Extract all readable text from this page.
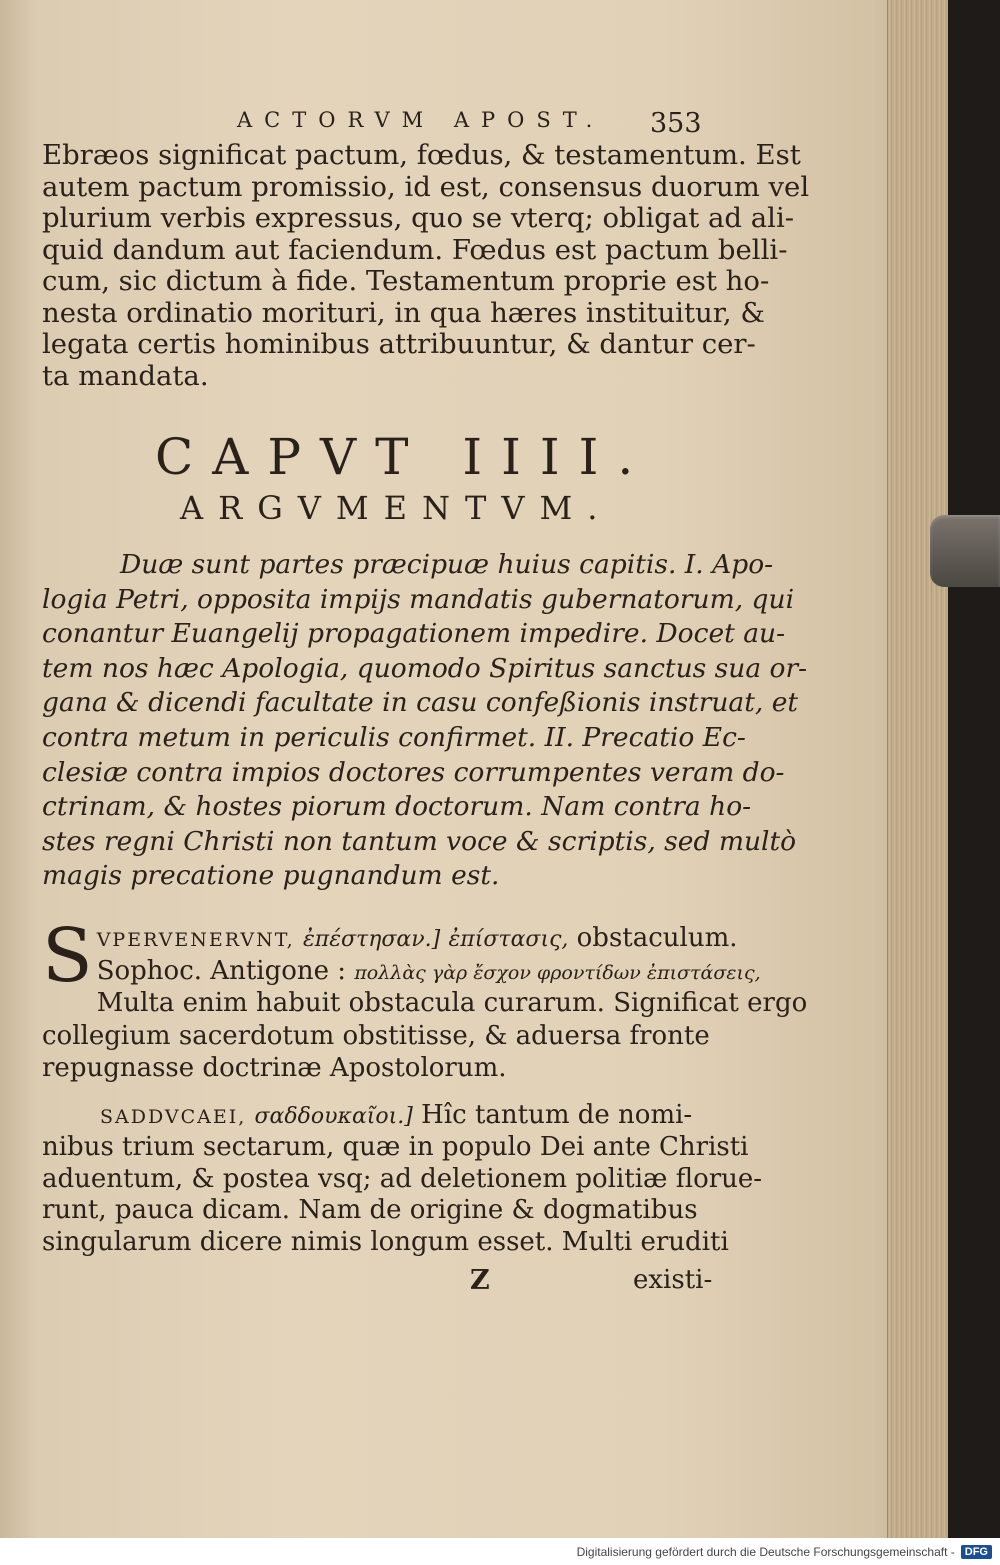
ACTORVM APOST. 353
Ebræos significat pactum, fœdus, & testamentum. Est
autem pactum promissio, id est, consensus duorum vel
plurium verbis expressus, quo se vterq; obligat ad ali-
quid dandum aut faciendum. Fœdus est pactum belli-
cum, sic dictum à fide. Testamentum proprie est ho-
nesta ordinatio morituri, in qua hæres instituitur, &
legata certis hominibus attribuuntur, & dantur cer-
ta mandata.
CAPVT IIII.
ARGVMENTVM.
Duæ sunt partes præcipuæ huius capitis. I. Apo-
logia Petri, opposita impijs mandatis gubernatorum, qui
conantur Euangelij propagationem impedire. Docet au-
tem nos hæc Apologia, quomodo Spiritus sanctus sua or-
gana & dicendi facultate in casu confeßionis instruat, et
contra metum in periculis confirmet. II. Precatio Ec-
clesiæ contra impios doctores corrumpentes veram do-
ctrinam, & hostes piorum doctorum. Nam contra ho-
stes regni Christi non tantum voce & scriptis, sed multò
magis precatione pugnandum est.
S VPERVENERVNT, ἐπέστησαν.] ἐπίστασις, obstaculum.
Sophoc. Antigone : πολλὰς γὰρ ἔσχον φροντίδων ἐπιστάσεις,
Multa enim habuit obstacula curarum. Significat ergo
collegium sacerdotum obstitisse, & aduersa fronte
repugnasse doctrinæ Apostolorum.
SADDVCAEI, σαδδουκαῖοι.] Hîc tantum de nomi-
nibus trium sectarum, quæ in populo Dei ante Christi
aduentum, & postea vsq; ad deletionem politiæ floruе-
runt, pauca dicam. Nam de origine & dogmatibus
singularum dicere nimis longum esset. Multi eruditi
Z	existi-
Digitalisierung gefördert durch die Deutsche Forschungsgemeinschaft - DFG
